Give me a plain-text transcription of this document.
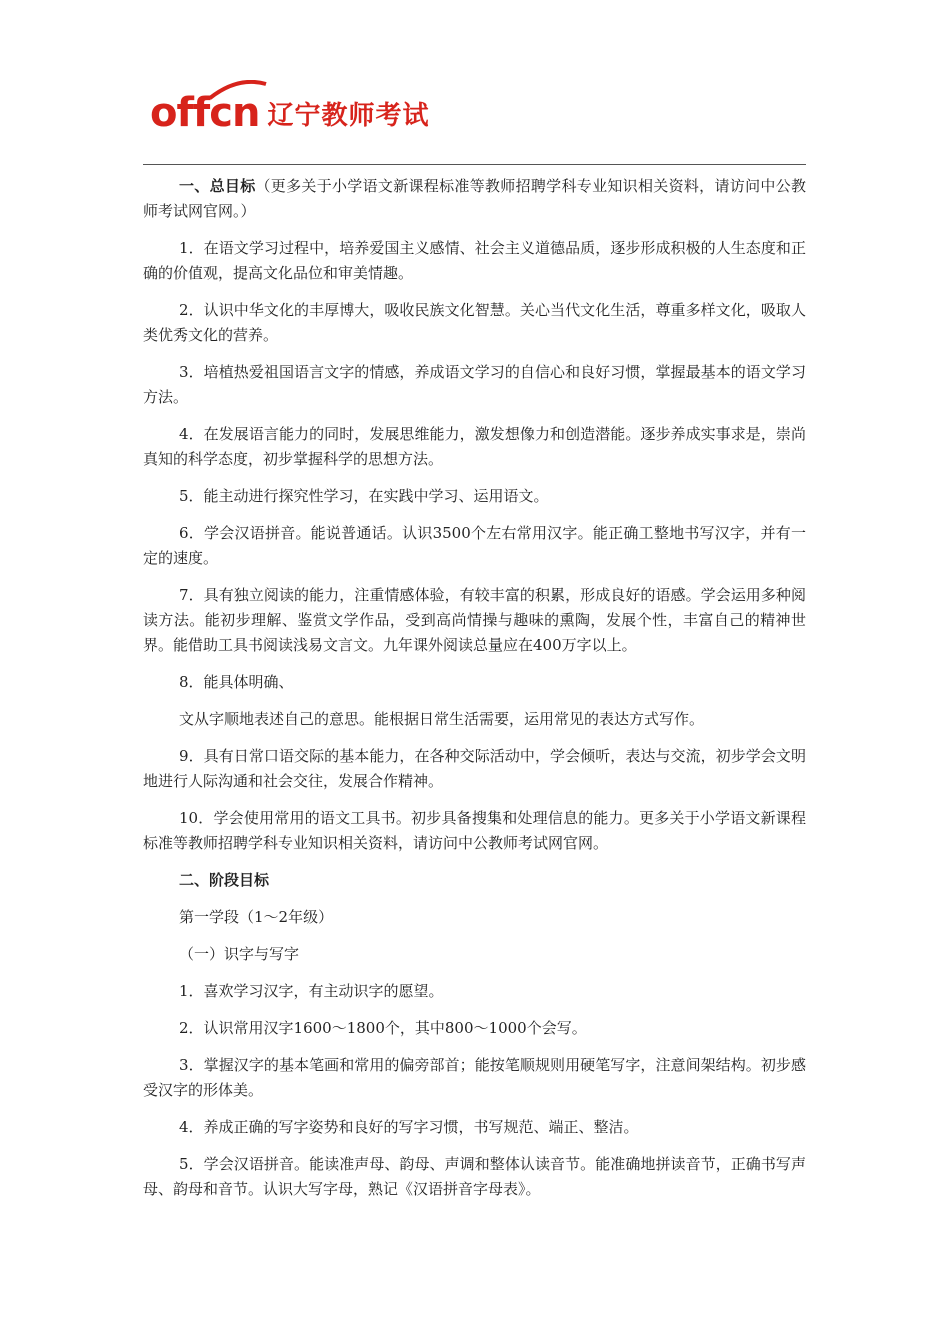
offcn 辽宁教师考试

一、总目标（更多关于小学语文新课程标准等教师招聘学科专业知识相关资料，请访问中公教师考试网官网。）

1．在语文学习过程中，培养爱国主义感情、社会主义道德品质，逐步形成积极的人生态度和正确的价值观，提高文化品位和审美情趣。

2．认识中华文化的丰厚博大，吸收民族文化智慧。关心当代文化生活，尊重多样文化，吸取人类优秀文化的营养。

3．培植热爱祖国语言文字的情感，养成语文学习的自信心和良好习惯，掌握最基本的语文学习方法。

4．在发展语言能力的同时，发展思维能力，激发想像力和创造潜能。逐步养成实事求是，崇尚真知的科学态度，初步掌握科学的思想方法。

5．能主动进行探究性学习，在实践中学习、运用语文。

6．学会汉语拼音。能说普通话。认识3500个左右常用汉字。能正确工整地书写汉字，并有一定的速度。

7．具有独立阅读的能力，注重情感体验，有较丰富的积累，形成良好的语感。学会运用多种阅读方法。能初步理解、鉴赏文学作品，受到高尚情操与趣味的熏陶，发展个性，丰富自己的精神世界。能借助工具书阅读浅易文言文。九年课外阅读总量应在400万字以上。

8．能具体明确、

文从字顺地表述自己的意思。能根据日常生活需要，运用常见的表达方式写作。

9．具有日常口语交际的基本能力，在各种交际活动中，学会倾听，表达与交流，初步学会文明地进行人际沟通和社会交往，发展合作精神。

10．学会使用常用的语文工具书。初步具备搜集和处理信息的能力。更多关于小学语文新课程标准等教师招聘学科专业知识相关资料，请访问中公教师考试网官网。

二、阶段目标

第一学段（1～2年级）

（一）识字与写字

1．喜欢学习汉字，有主动识字的愿望。

2．认识常用汉字1600～1800个，其中800～1000个会写。

3．掌握汉字的基本笔画和常用的偏旁部首；能按笔顺规则用硬笔写字，注意间架结构。初步感受汉字的形体美。

4．养成正确的写字姿势和良好的写字习惯，书写规范、端正、整洁。

5．学会汉语拼音。能读准声母、韵母、声调和整体认读音节。能准确地拼读音节，正确书写声母、韵母和音节。认识大写字母，熟记《汉语拼音字母表》。
